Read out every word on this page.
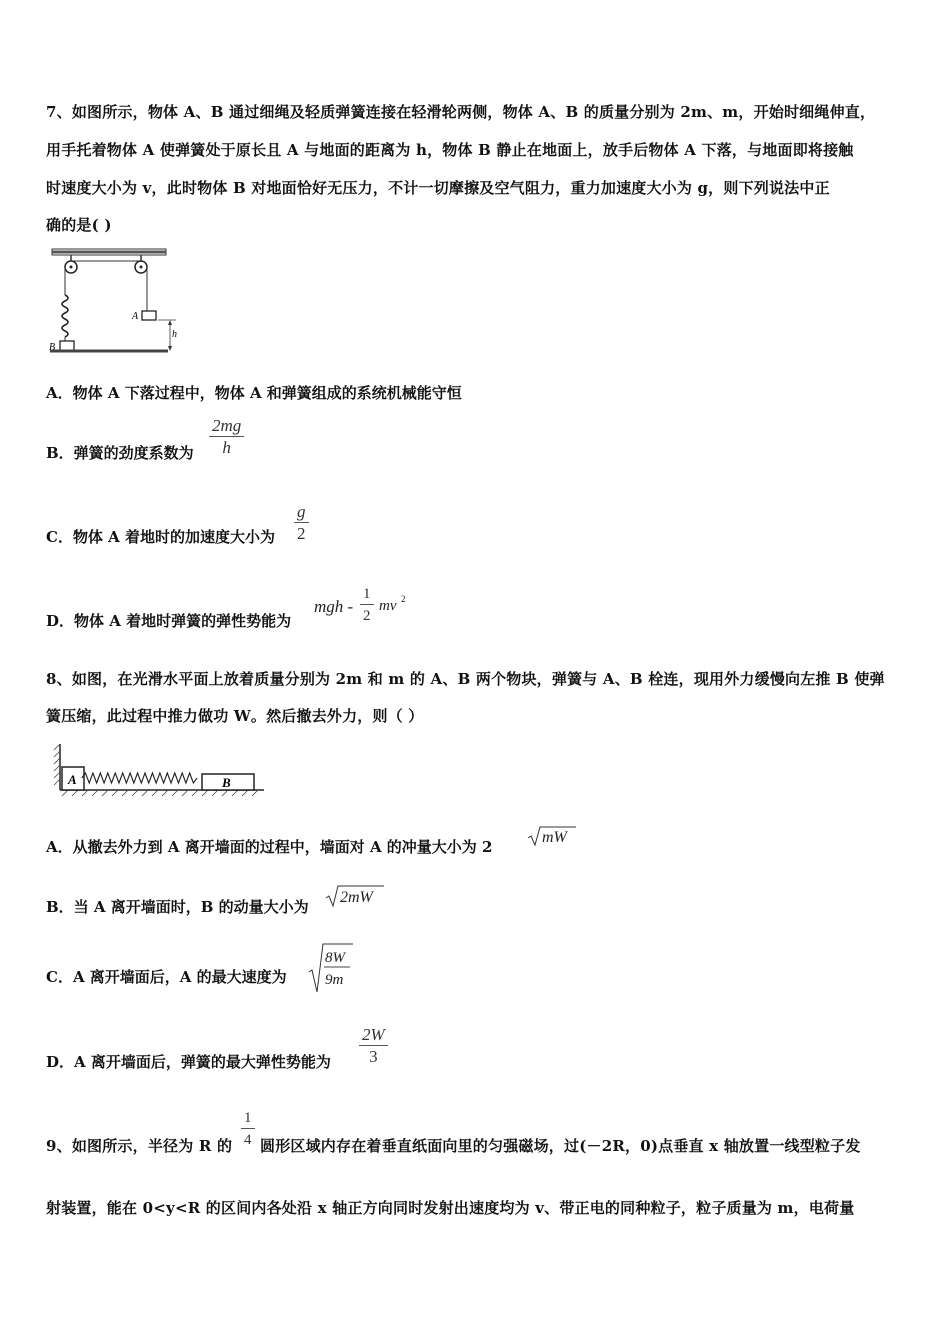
7、如图所示，物体 A、B 通过细绳及轻质弹簧连接在轻滑轮两侧，物体 A、B 的质量分别为 2m、m，开始时细绳伸直，
用手托着物体 A 使弹簧处于原长且 A 与地面的距离为 h，物体 B 静止在地面上，放手后物体 A 下落，与地面即将接触
时速度大小为 v，此时物体 B 对地面恰好无压力，不计一切摩擦及空气阻力，重力加速度大小为 g，则下列说法中正
确的是( )
B
A
h
A．物体 A 下落过程中，物体 A 和弹簧组成的系统机械能守恒
B．弹簧的劲度系数为
2mg
h
C．物体 A 着地时的加速度大小为
g
2
D．物体 A 着地时弹簧的弹性势能为
mgh -
1
2
mv 2
8、如图，在光滑水平面上放着质量分别为 2m 和 m 的 A、B 两个物块，弹簧与 A、B 栓连，现用外力缓慢向左推 B 使弹
簧压缩，此过程中推力做功 W。然后撤去外力，则（ ）
A	B
A．从撤去外力到 A 离开墙面的过程中，墙面对 A 的冲量大小为 2
mW
B．当 A 离开墙面时，B 的动量大小为
2mW
C．A 离开墙面后，A 的最大速度为
8W
9m
D．A 离开墙面后，弹簧的最大弹性势能为
2W
3
9、如图所示，半径为 R 的
1
4 圆形区域内存在着垂直纸面向里的匀强磁场，过(－2R，0)点垂直 x 轴放置一线型粒子发
射装置，能在 0<y<R 的区间内各处沿 x 轴正方向同时发射出速度均为 v、带正电的同种粒子，粒子质量为 m，电荷量
